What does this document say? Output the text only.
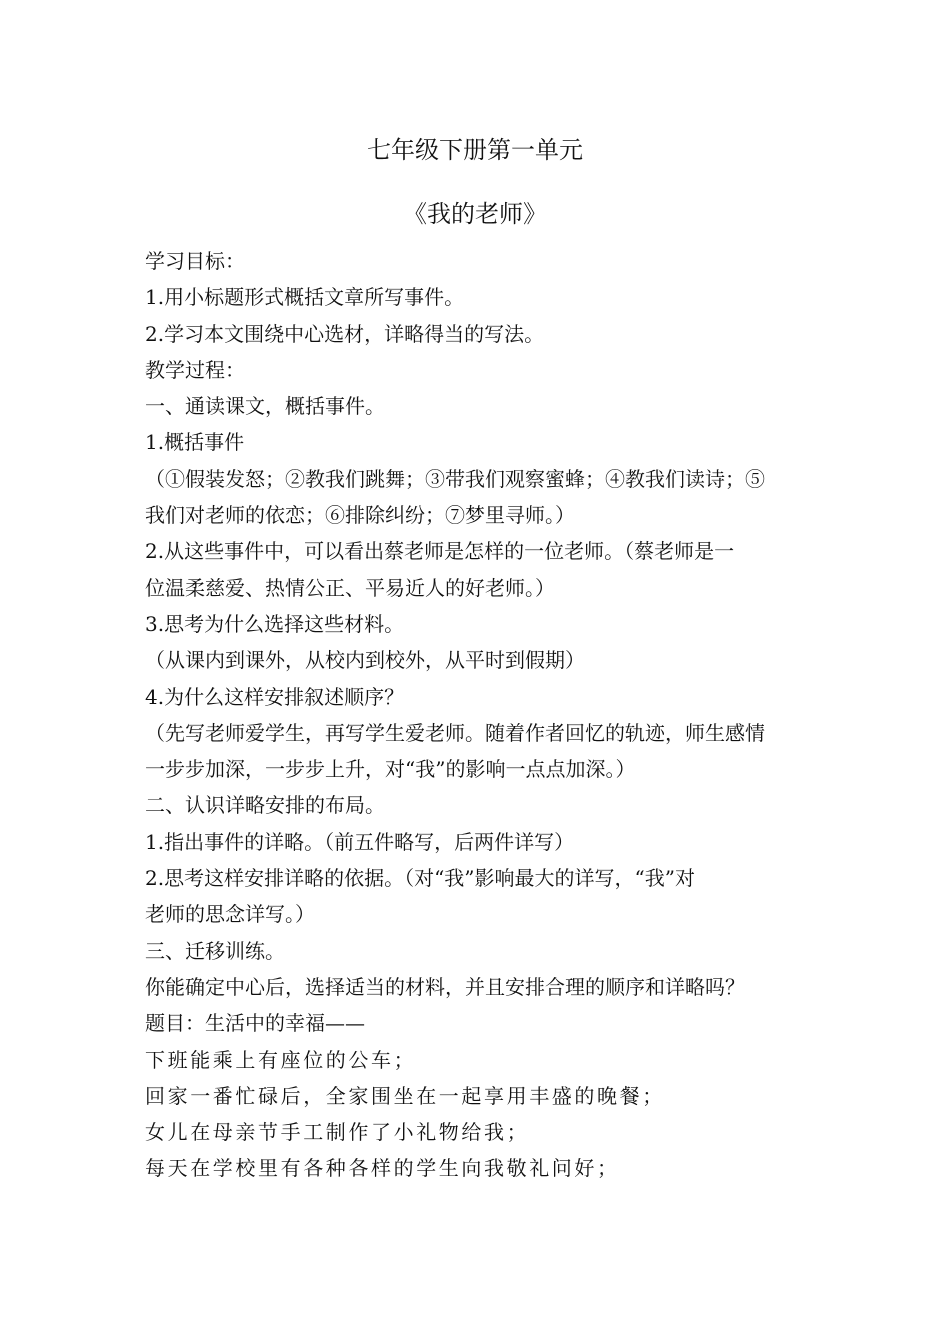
七年级下册第一单元
《我的老师》
学习目标：
1.用小标题形式概括文章所写事件。
2.学习本文围绕中心选材，详略得当的写法。
教学过程：
一、通读课文，概括事件。
1.概括事件
（①假装发怒；②教我们跳舞；③带我们观察蜜蜂；④教我们读诗；⑤
我们对老师的依恋；⑥排除纠纷；⑦梦里寻师。）
2.从这些事件中，可以看出蔡老师是怎样的一位老师。（蔡老师是一
位温柔慈爱、热情公正、平易近人的好老师。）
3.思考为什么选择这些材料。
（从课内到课外，从校内到校外，从平时到假期）
4.为什么这样安排叙述顺序？
（先写老师爱学生，再写学生爱老师。随着作者回忆的轨迹，师生感情
一步步加深，一步步上升，对“我”的影响一点点加深。）
二、认识详略安排的布局。
1.指出事件的详略。（前五件略写，后两件详写）
2.思考这样安排详略的依据。（对“我”影响最大的详写，“我”对
老师的思念详写。）
三、迁移训练。
你能确定中心后，选择适当的材料，并且安排合理的顺序和详略吗？
题目：生活中的幸福——
下班能乘上有座位的公车；
回家一番忙碌后，全家围坐在一起享用丰盛的晚餐；
女儿在母亲节手工制作了小礼物给我；
每天在学校里有各种各样的学生向我敬礼问好；
